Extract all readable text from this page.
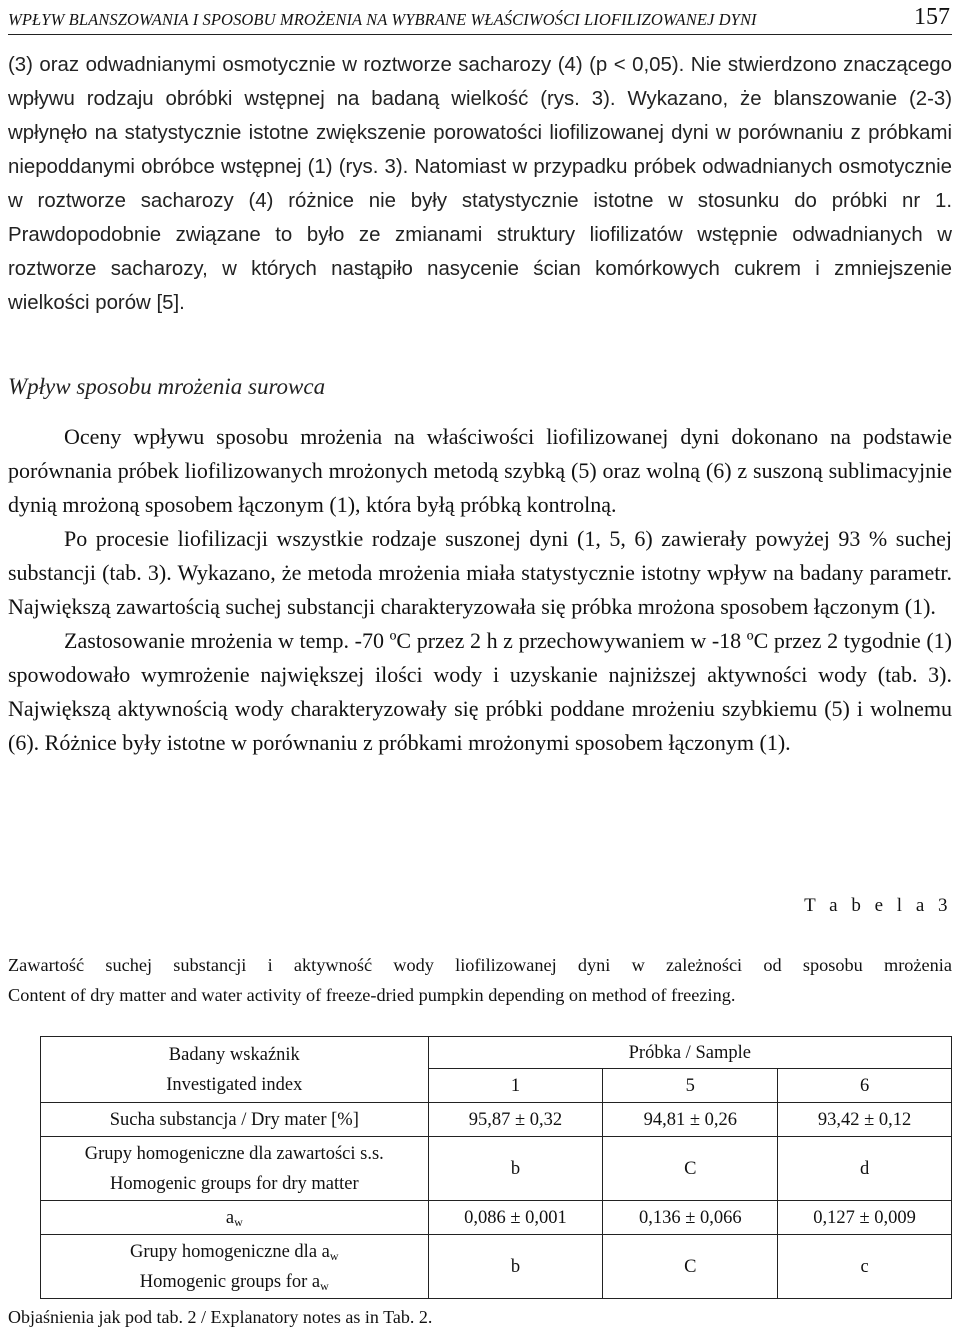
WPŁYW BLANSZOWANIA I SPOSOBU MROŻENIA NA WYBRANE WŁAŚCIWOŚCI LIOFILIZOWANEJ DYNI	157

(3) oraz odwadnianymi osmotycznie w roztworze sacharozy (4) (p < 0,05). Nie stwierdzono znaczącego wpływu rodzaju obróbki wstępnej na badaną wielkość (rys. 3). Wykazano, że blanszowanie (2-3) wpłynęło na statystycznie istotne zwiększenie porowatości liofilizowanej dyni w porównaniu z próbkami niepoddanymi obróbce wstępnej (1) (rys. 3). Natomiast w przypadku próbek odwadnianych osmotycznie w roztworze sacharozy (4) różnice nie były statystycznie istotne w stosunku do próbki nr 1. Prawdopodobnie związane to było ze zmianami struktury liofilizatów wstępnie odwadnianych w roztworze sacharozy, w których nastąpiło nasycenie ścian komórkowych cukrem i zmniejszenie wielkości porów [5].

Wpływ sposobu mrożenia surowca

Oceny wpływu sposobu mrożenia na właściwości liofilizowanej dyni dokonano na podstawie porównania próbek liofilizowanych mrożonych metodą szybką (5) oraz wolną (6) z suszoną sublimacyjnie dynią mrożoną sposobem łączonym (1), która byłą próbką kontrolną.

Po procesie liofilizacji wszystkie rodzaje suszonej dyni (1, 5, 6) zawierały powyżej 93 % suchej substancji (tab. 3). Wykazano, że metoda mrożenia miała statystycznie istotny wpływ na badany parametr. Największą zawartością suchej substancji charakteryzowała się próbka mrożona sposobem łączonym (1).

Zastosowanie mrożenia w temp. -70 ºC przez 2 h z przechowywaniem w -18 ºC przez 2 tygodnie (1) spowodowało wymrożenie największej ilości wody i uzyskanie najniższej aktywności wody (tab. 3). Największą aktywnością wody charakteryzowały się próbki poddane mrożeniu szybkiemu (5) i wolnemu (6). Różnice były istotne w porównaniu z próbkami mrożonymi sposobem łączonym (1).

T a b e l a 3
Zawartość suchej substancji i aktywność wody liofilizowanej dyni w zależności od sposobu mrożenia
Content of dry matter and water activity of freeze-dried pumpkin depending on method of freezing.
Badany wskaźnik
Investigated index	Próbka / Sample		
	1	5	6
Sucha substancja / Dry mater [%]	95,87 ± 0,32	94,81 ± 0,26	93,42 ± 0,12

Grupy homogeniczne dla zawartości s.s.
Homogenic groups for dry matter	b	C	d
$a_w$	0,086 ± 0,001	0,136 ± 0,066	0,127 ± 0,009

Grupy homogeniczne dla $a_w$
Homogenic groups for $a_w$	b	C	c
Objaśnienia jak pod tab. 2 / Explanatory notes as in Tab. 2.
